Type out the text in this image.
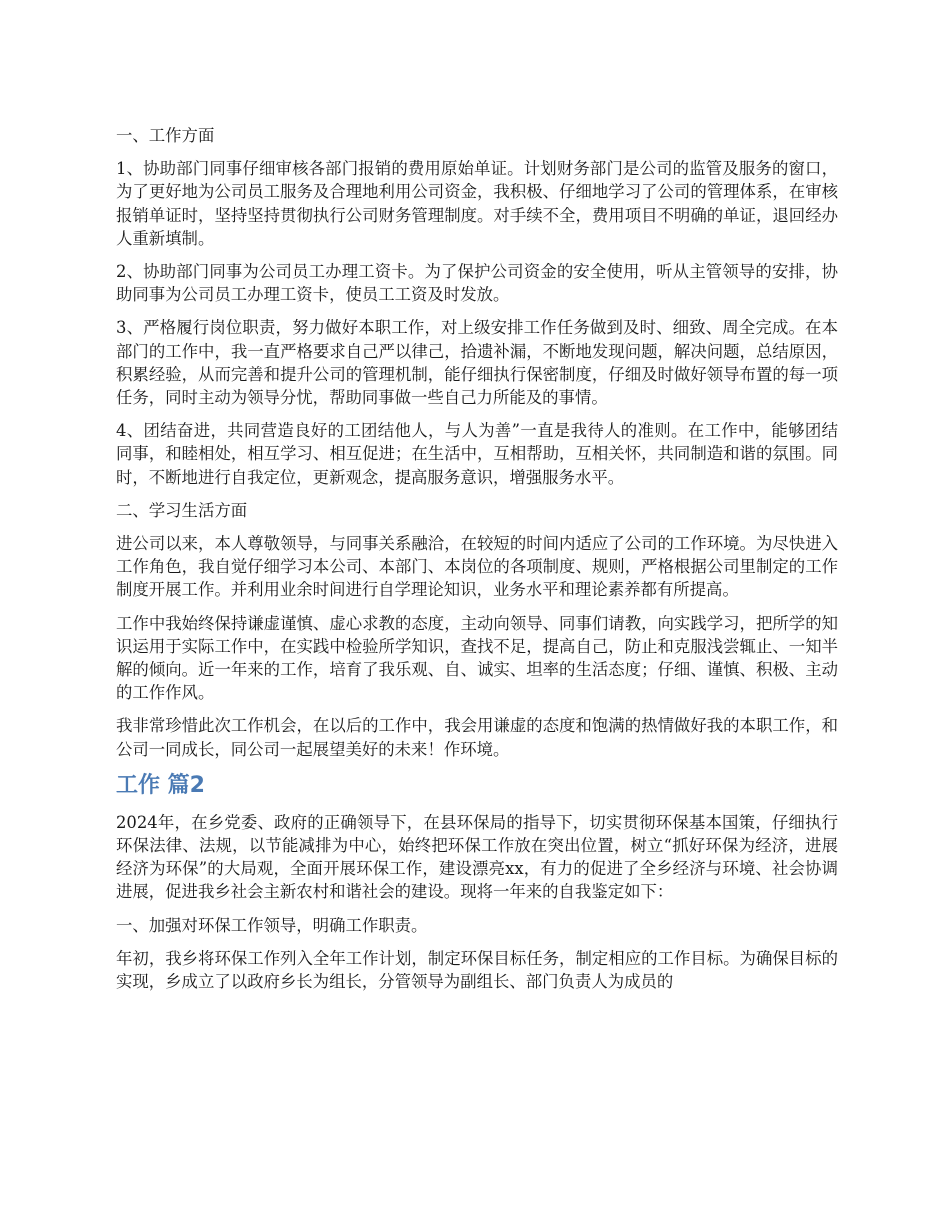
一、工作方面

1、协助部门同事仔细审核各部门报销的费用原始单证。计划财务部门是公司的监管及服务的窗口，为了更好地为公司员工服务及合理地利用公司资金，我积极、仔细地学习了公司的管理体系，在审核报销单证时，坚持坚持贯彻执行公司财务管理制度。对手续不全，费用项目不明确的单证，退回经办人重新填制。

2、协助部门同事为公司员工办理工资卡。为了保护公司资金的安全使用，听从主管领导的安排，协助同事为公司员工办理工资卡，使员工工资及时发放。

3、严格履行岗位职责，努力做好本职工作，对上级安排工作任务做到及时、细致、周全完成。在本部门的工作中，我一直严格要求自己严以律己，拾遗补漏，不断地发现问题，解决问题，总结原因，积累经验，从而完善和提升公司的管理机制，能仔细执行保密制度，仔细及时做好领导布置的每一项任务，同时主动为领导分忧，帮助同事做一些自己力所能及的事情。

4、团结奋进，共同营造良好的工团结他人，与人为善”一直是我待人的准则。在工作中，能够团结同事，和睦相处，相互学习、相互促进；在生活中，互相帮助，互相关怀，共同制造和谐的氛围。同时，不断地进行自我定位，更新观念，提高服务意识，增强服务水平。

二、学习生活方面

进公司以来，本人尊敬领导，与同事关系融洽，在较短的时间内适应了公司的工作环境。为尽快进入工作角色，我自觉仔细学习本公司、本部门、本岗位的各项制度、规则，严格根据公司里制定的工作制度开展工作。并利用业余时间进行自学理论知识，业务水平和理论素养都有所提高。

工作中我始终保持谦虚谨慎、虚心求教的态度，主动向领导、同事们请教，向实践学习，把所学的知识运用于实际工作中，在实践中检验所学知识，查找不足，提高自己，防止和克服浅尝辄止、一知半解的倾向。近一年来的工作，培育了我乐观、自、诚实、坦率的生活态度；仔细、谨慎、积极、主动的工作作风。

我非常珍惜此次工作机会，在以后的工作中，我会用谦虚的态度和饱满的热情做好我的本职工作，和公司一同成长，同公司一起展望美好的未来！作环境。

工作 篇2

2024年，在乡党委、政府的正确领导下，在县环保局的指导下，切实贯彻环保基本国策，仔细执行环保法律、法规，以节能减排为中心，始终把环保工作放在突出位置，树立“抓好环保为经济，进展经济为环保”的大局观，全面开展环保工作，建设漂亮xx，有力的促进了全乡经济与环境、社会协调进展，促进我乡社会主新农村和谐社会的建设。现将一年来的自我鉴定如下：

一、加强对环保工作领导，明确工作职责。

年初，我乡将环保工作列入全年工作计划，制定环保目标任务，制定相应的工作目标。为确保目标的实现，乡成立了以政府乡长为组长，分管领导为副组长、部门负责人为成员的
